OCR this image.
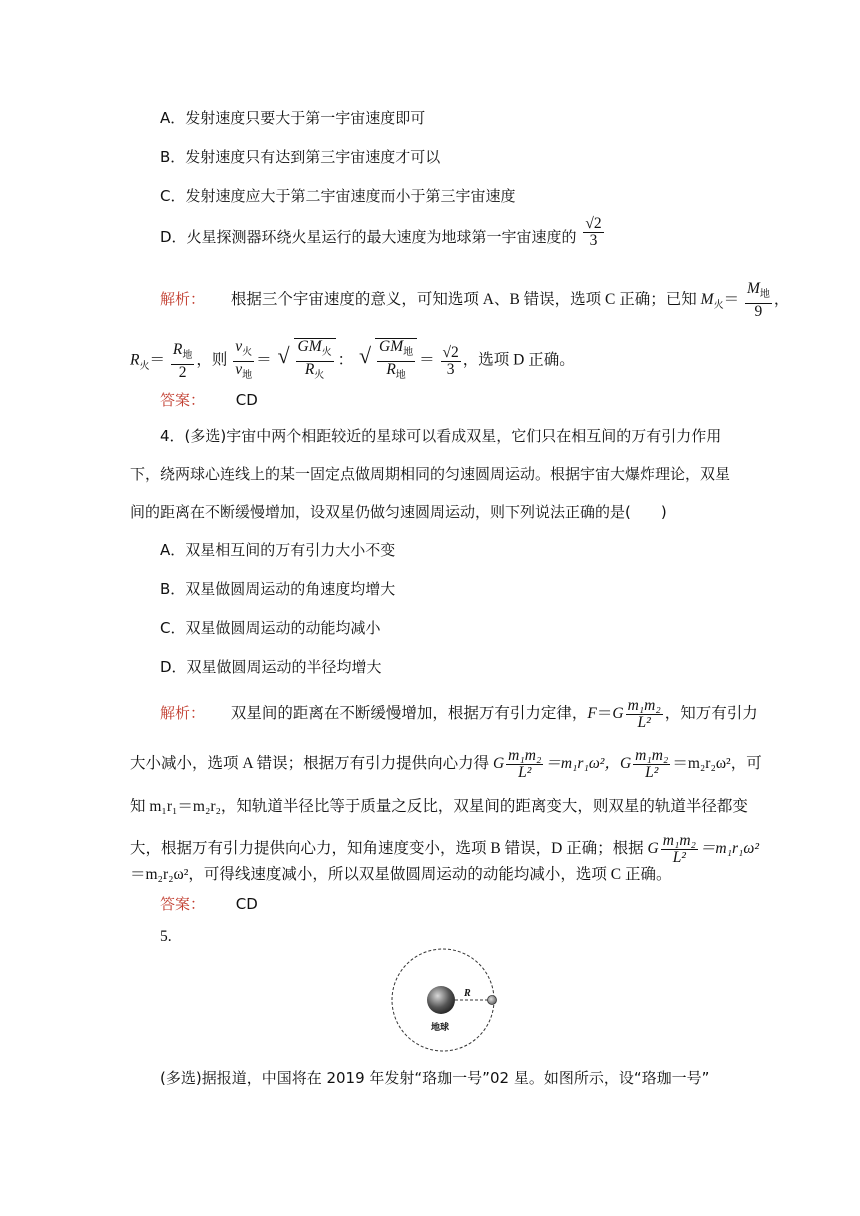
A．发射速度只要大于第一宇宙速度即可
B．发射速度只有达到第三宇宙速度才可以
C．发射速度应大于第二宇宙速度而小于第三宇宙速度
D．火星探测器环绕火星运行的最大速度为地球第一宇宙速度的 $\frac{√2}{3}$
解析： 根据三个宇宙速度的意义，可知选项 A、B 错误，选项 C 正确；已知 $M_火= \frac{M_地}{9}$ ，
$R_火= \frac{R_地}{2}$ ，则 $\frac{v_火}{v_地}$ ＝ √ $\frac{GM_火}{R_火}$ ： √ $\frac{GM_地}{R_地} = \frac{√2}{3}$ ，选项 D 正确。
答案： CD
4．(多选)宇宙中两个相距较近的星球可以看成双星，它们只在相互间的万有引力作用
下，绕两球心连线上的某一固定点做周期相同的匀速圆周运动。根据宇宙大爆炸理论，双星
间的距离在不断缓慢增加，设双星仍做匀速圆周运动，则下列说法正确的是(　　)
A．双星相互间的万有引力大小不变
B．双星做圆周运动的角速度均增大
C．双星做圆周运动的动能均减小
D．双星做圆周运动的半径均增大
解析： 双星间的距离在不断缓慢增加，根据万有引力定律，$F=G \frac{\text{m₁m₂}}{\text{L²}}$ ，知万有引力
大小减小，选项 A 错误；根据万有引力提供向心力得 G $\frac{\text{m₁m₂}}{\text{L²}} =m_1r_1\omega^2$，G $\frac{\text{m₁m₂}}{\text{L²}} =m_2r_2\omega^2$，可
知 m₁r₁＝m₂r₂，知轨道半径比等于质量之反比，双星间的距离变大，则双星的轨道半径都变
大，根据万有引力提供向心力，知角速度变小，选项 B 错误，D 正确；根据 G $\frac{\text{m₁m₂}}{\text{L²}} =m_1r_1\omega^2$
＝m₂r₂ω²，可得线速度减小，所以双星做圆周运动的动能均减小，选项 C 正确。
答案： CD
5.
R
地球
(多选)据报道，中国将在 2019 年发射“珞珈一号”02 星。如图所示，设“珞珈一号”
